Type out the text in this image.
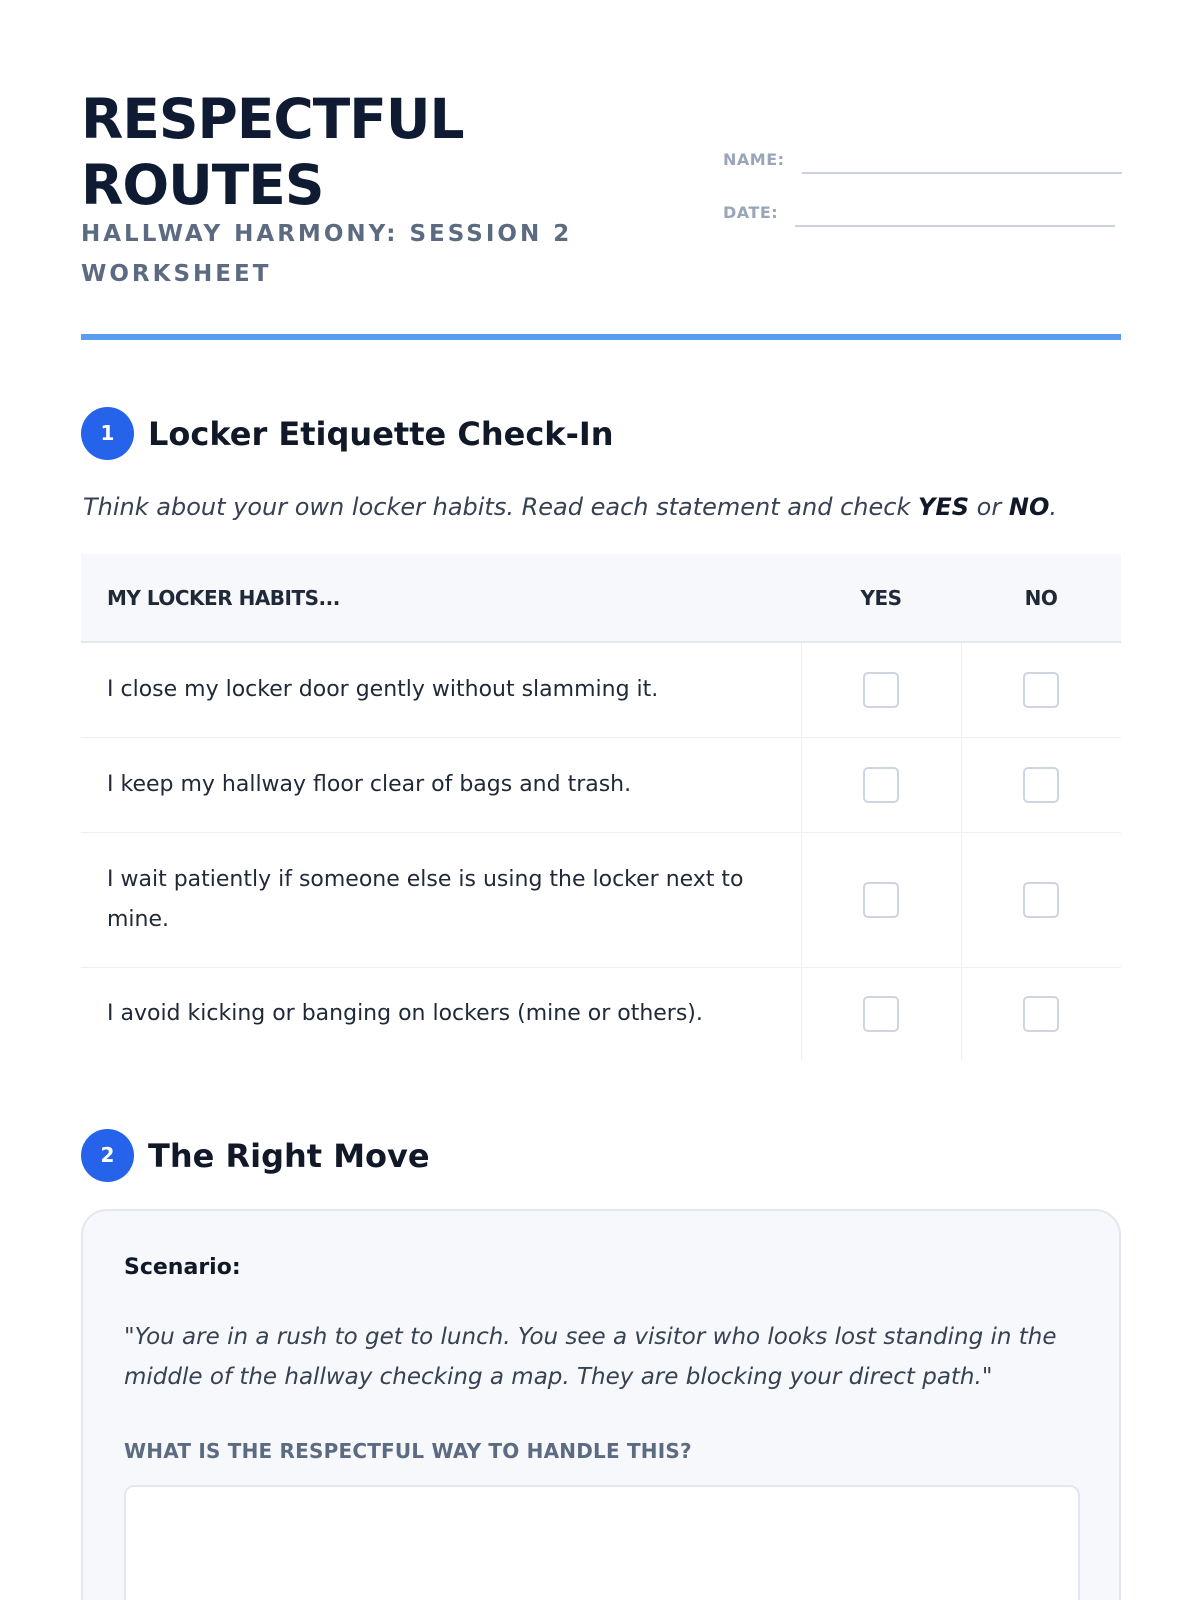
RESPECTFUL ROUTES
HALLWAY HARMONY: SESSION 2 WORKSHEET
NAME:
DATE:
1	Locker Etiquette Check-In
Think about your own locker habits. Read each statement and check YES or NO.
MY LOCKER HABITS...	YES	NO
I close my locker door gently without slamming it.		
I keep my hallway floor clear of bags and trash.		
I wait patiently if someone else is using the locker next to mine.		
I avoid kicking or banging on lockers (mine or others).		
2	The Right Move
Scenario:

"You are in a rush to get to lunch. You see a visitor who looks lost standing in the middle of the hallway checking a map. They are blocking your direct path."

WHAT IS THE RESPECTFUL WAY TO HANDLE THIS?
